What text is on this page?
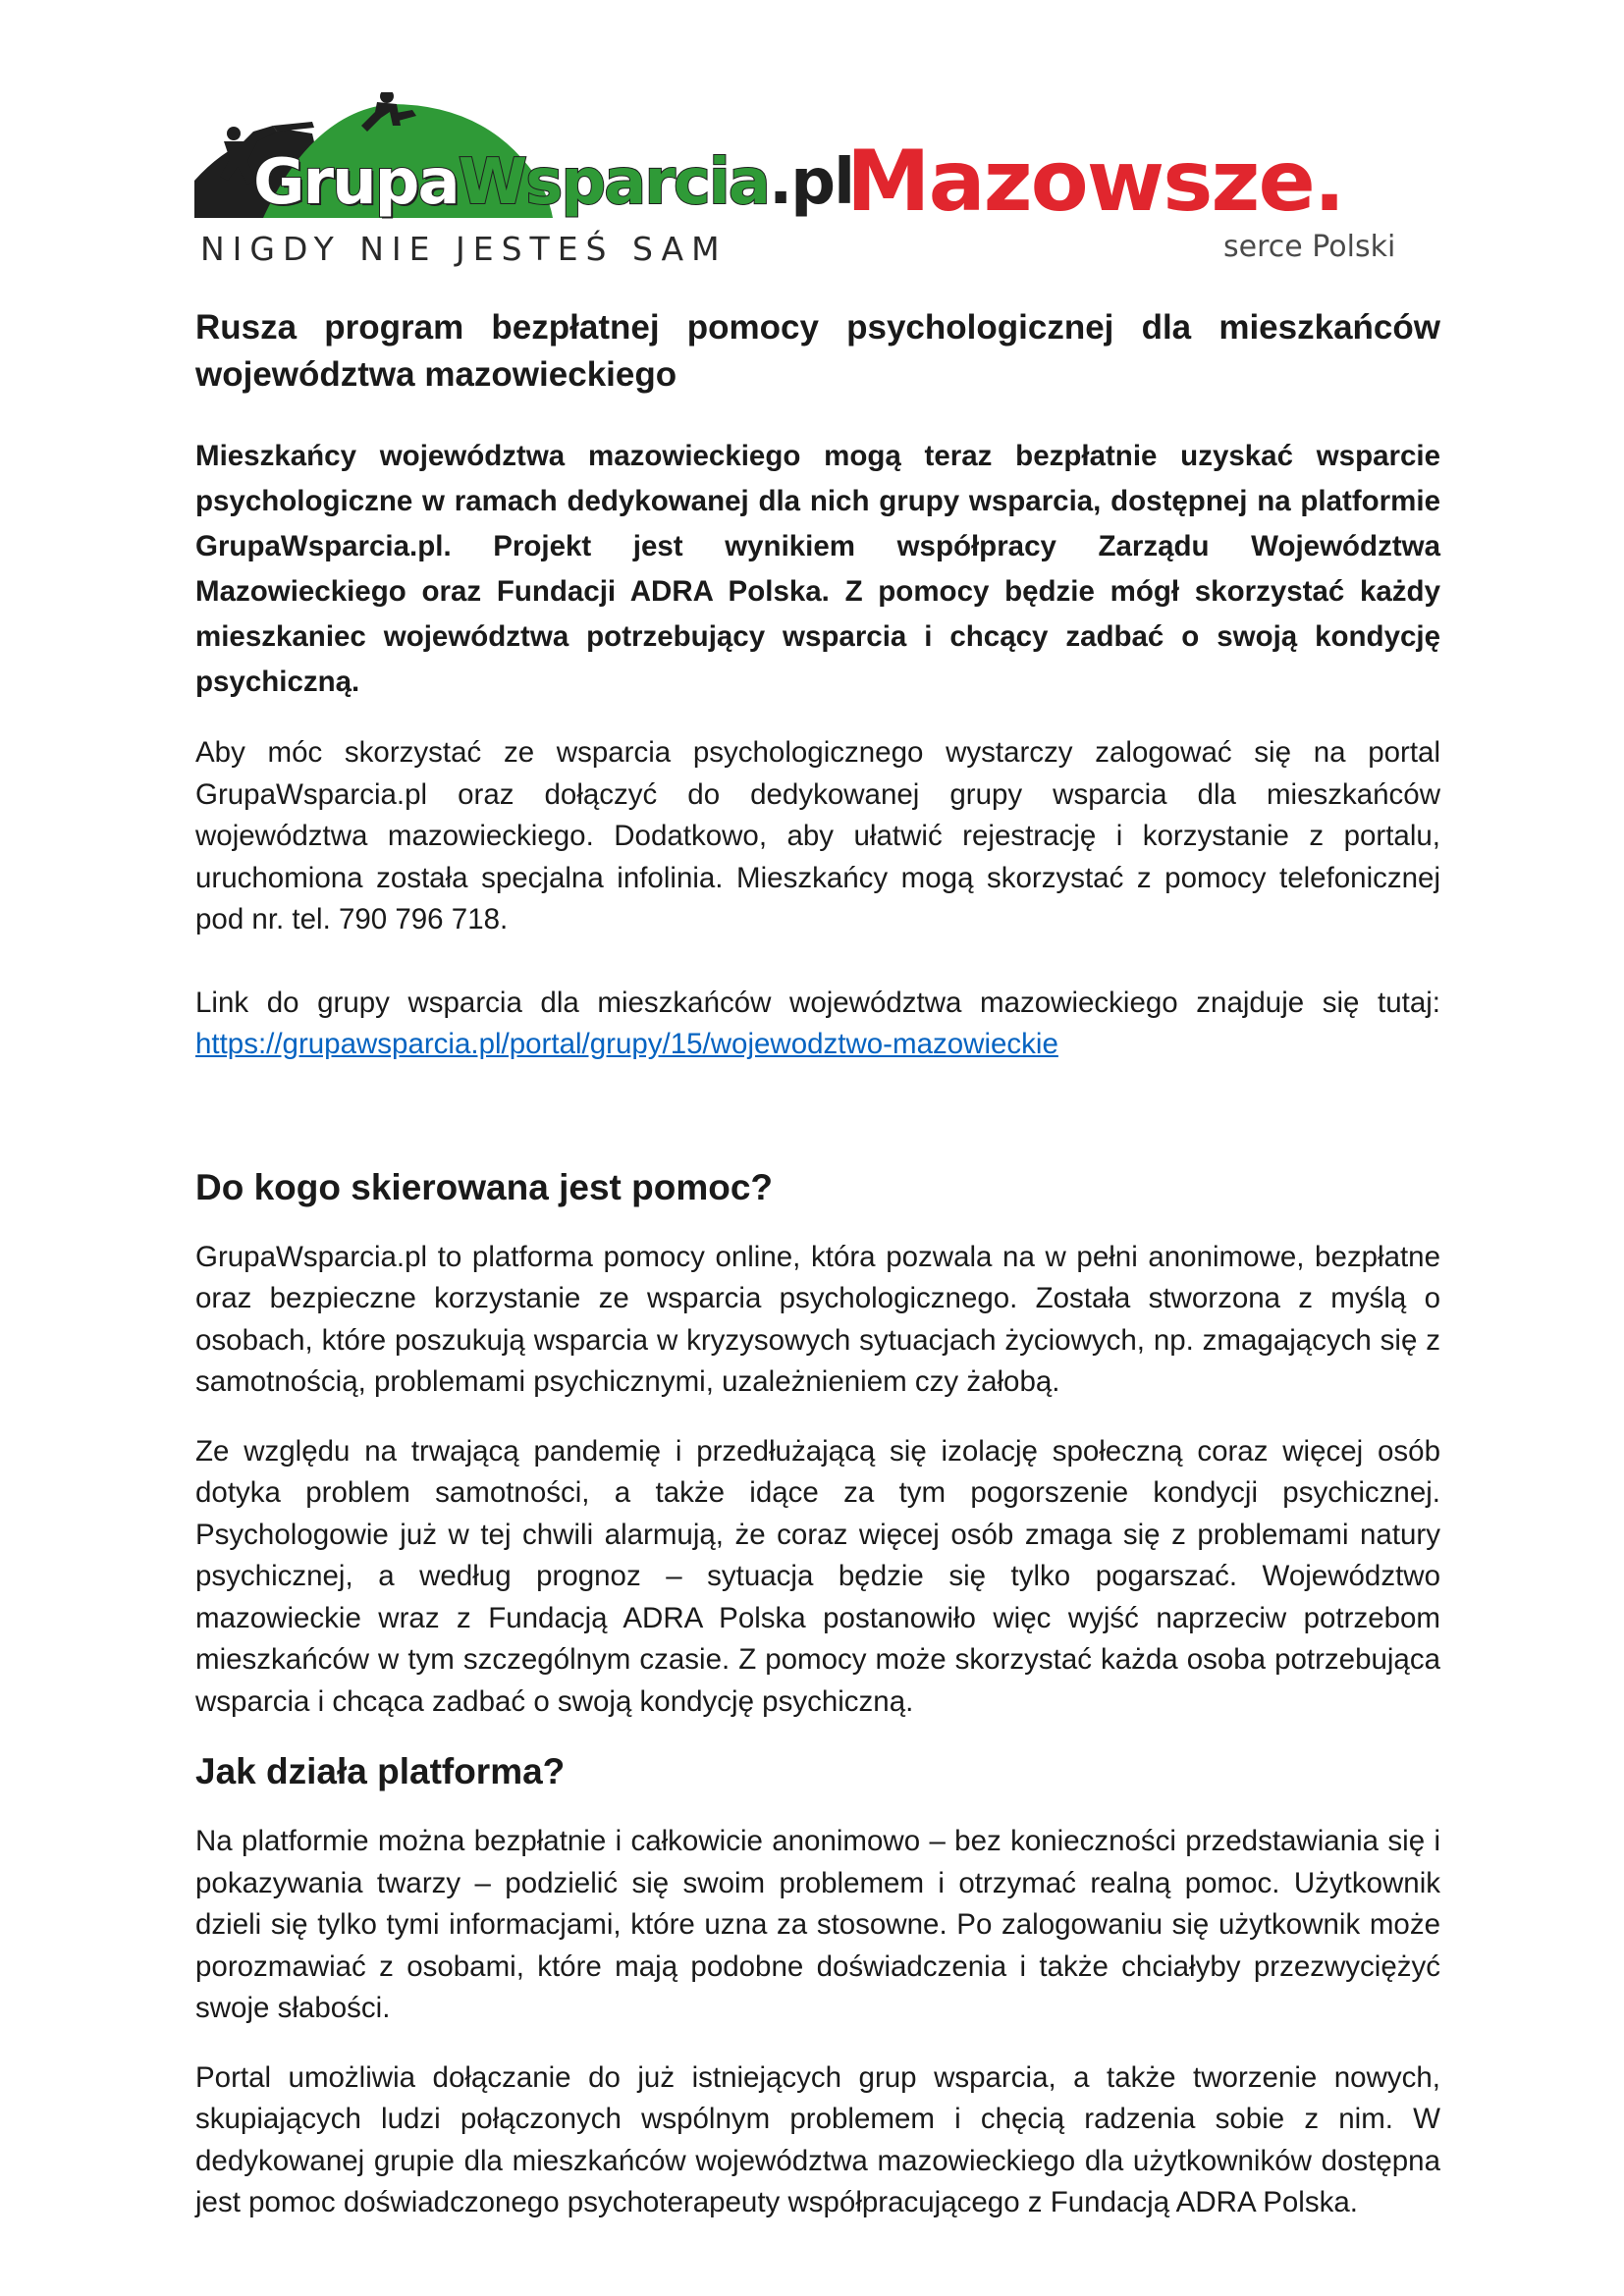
GrupaWsparcia.pl
NIGDY NIE JESTEŚ SAM
Mazowsze.
serce Polski
Rusza program bezpłatnej pomocy psychologicznej dla mieszkańców województwa mazowieckiego

Mieszkańcy województwa mazowieckiego mogą teraz bezpłatnie uzyskać wsparcie psychologiczne w ramach dedykowanej dla nich grupy wsparcia, dostępnej na platformie GrupaWsparcia.pl. Projekt jest wynikiem współpracy Zarządu Województwa Mazowieckiego oraz Fundacji ADRA Polska. Z pomocy będzie mógł skorzystać każdy mieszkaniec województwa potrzebujący wsparcia i chcący zadbać o swoją kondycję psychiczną.

Aby móc skorzystać ze wsparcia psychologicznego wystarczy zalogować się na portal GrupaWsparcia.pl oraz dołączyć do dedykowanej grupy wsparcia dla mieszkańców województwa mazowieckiego. Dodatkowo, aby ułatwić rejestrację i korzystanie z portalu, uruchomiona została specjalna infolinia. Mieszkańcy mogą skorzystać z pomocy telefonicznej pod nr. tel. 790 796 718.

Link do grupy wsparcia dla mieszkańców województwa mazowieckiego znajduje się tutaj: https://grupawsparcia.pl/portal/grupy/15/wojewodztwo-mazowieckie

Do kogo skierowana jest pomoc?

GrupaWsparcia.pl to platforma pomocy online, która pozwala na w pełni anonimowe, bezpłatne oraz bezpieczne korzystanie ze wsparcia psychologicznego. Została stworzona z myślą o osobach, które poszukują wsparcia w kryzysowych sytuacjach życiowych, np. zmagających się z samotnością, problemami psychicznymi, uzależnieniem czy żałobą.

Ze względu na trwającą pandemię i przedłużającą się izolację społeczną coraz więcej osób dotyka problem samotności, a także idące za tym pogorszenie kondycji psychicznej. Psychologowie już w tej chwili alarmują, że coraz więcej osób zmaga się z problemami natury psychicznej, a według prognoz – sytuacja będzie się tylko pogarszać. Województwo mazowieckie wraz z Fundacją ADRA Polska postanowiło więc wyjść naprzeciw potrzebom mieszkańców w tym szczególnym czasie. Z pomocy może skorzystać każda osoba potrzebująca wsparcia i chcąca zadbać o swoją kondycję psychiczną.

Jak działa platforma?

Na platformie można bezpłatnie i całkowicie anonimowo – bez konieczności przedstawiania się i pokazywania twarzy – podzielić się swoim problemem i otrzymać realną pomoc. Użytkownik dzieli się tylko tymi informacjami, które uzna za stosowne. Po zalogowaniu się użytkownik może porozmawiać z osobami, które mają podobne doświadczenia i także chciałyby przezwyciężyć swoje słabości.

Portal umożliwia dołączanie do już istniejących grup wsparcia, a także tworzenie nowych, skupiających ludzi połączonych wspólnym problemem i chęcią radzenia sobie z nim. W dedykowanej grupie dla mieszkańców województwa mazowieckiego dla użytkowników dostępna jest pomoc doświadczonego psychoterapeuty współpracującego z Fundacją ADRA Polska.
